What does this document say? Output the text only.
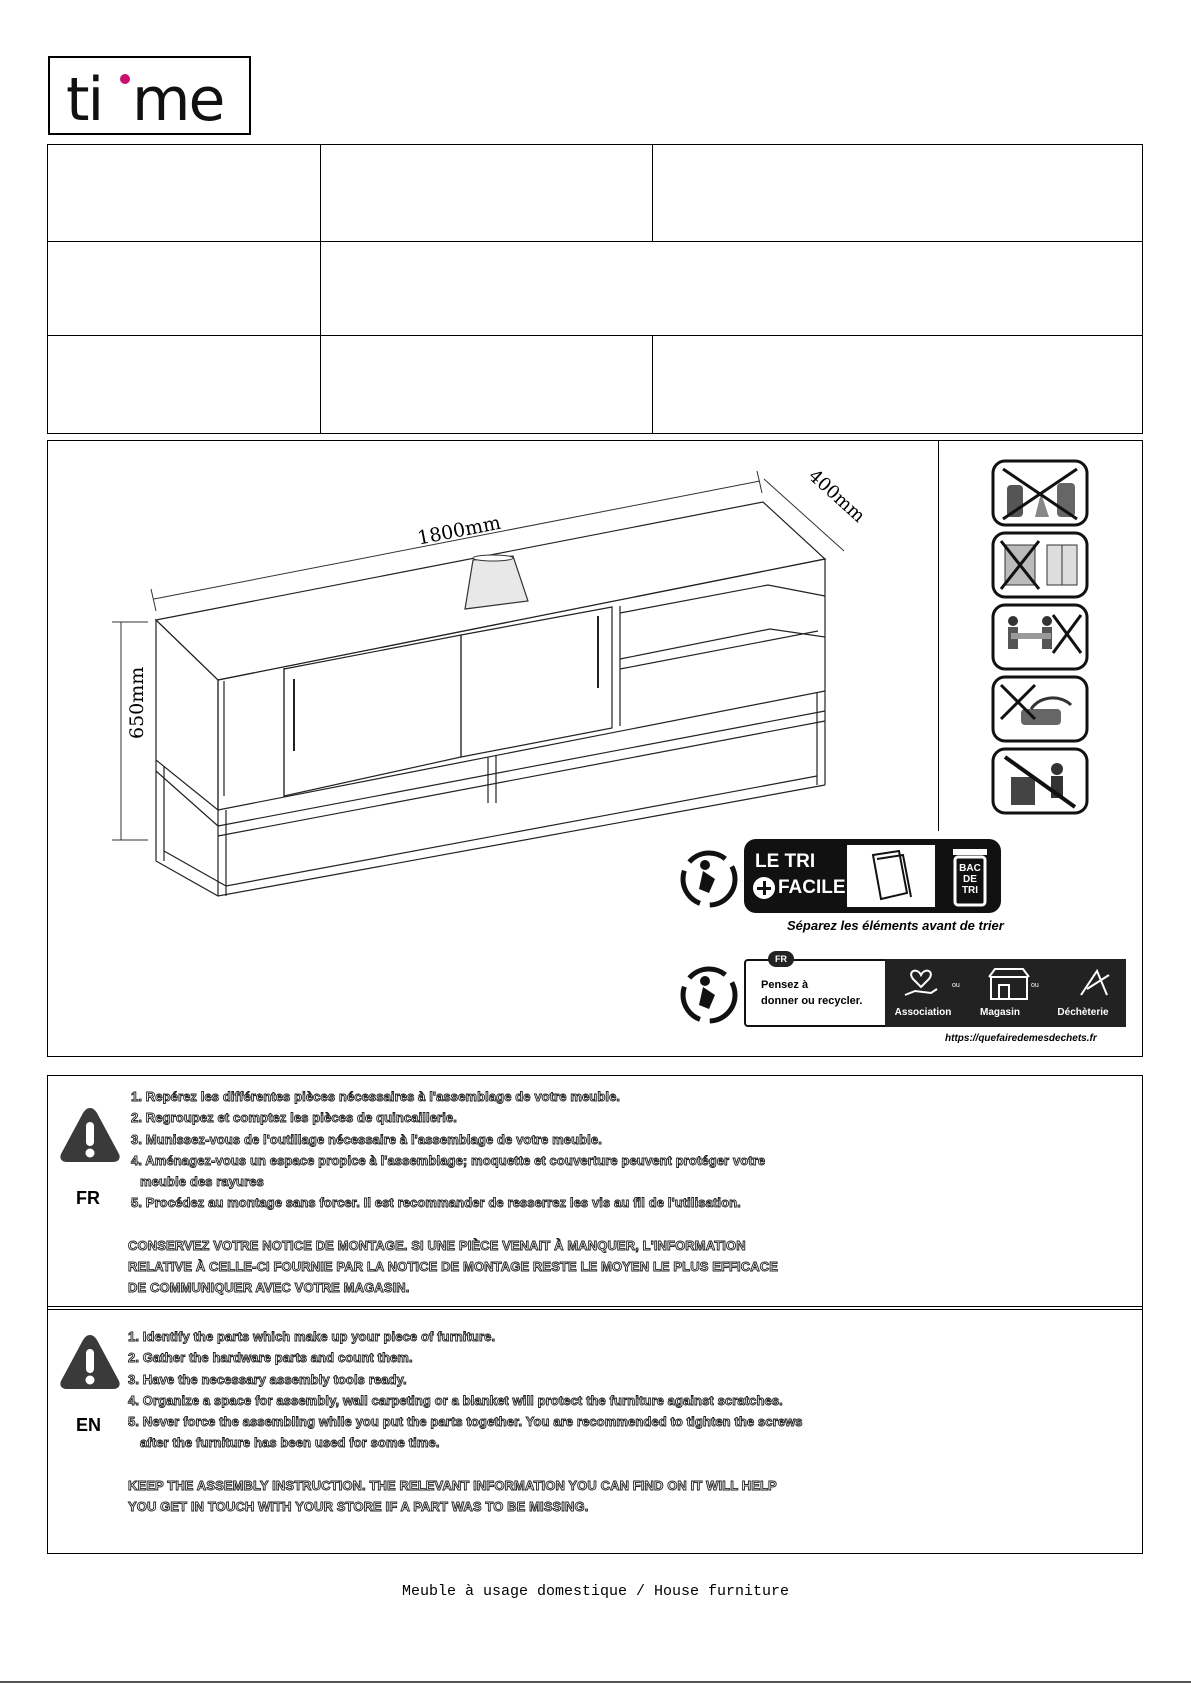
ti me
1800mm
400mm
650mm
LE TRI
FACILE
BAC
DE
TRI
Séparez les éléments avant de trier
FR
Pensez à
donner ou recycler.
ou	ou
Association	Magasin	Déchèterie
https://quefairedemesdechets.fr
FR

1. Repérez les différentes pièces nécessaires à l'assemblage de votre meuble.

2. Regroupez et comptez les pièces de quincaillerie.

3. Munissez-vous de l'outillage nécessaire à l'assemblage de votre meuble.

4. Aménagez-vous un espace propice à l'assemblage; moquette et couverture peuvent protéger votre

meuble des rayures

5. Procédez au montage sans forcer. Il est recommander de resserrez les vis au fil de l'utilisation.

CONSERVEZ VOTRE NOTICE DE MONTAGE. SI UNE PIÈCE VENAIT À MANQUER, L'INFORMATION

RELATIVE À CELLE-CI FOURNIE PAR LA NOTICE DE MONTAGE RESTE LE MOYEN LE PLUS EFFICACE

DE COMMUNIQUER AVEC VOTRE MAGASIN.

EN

1. Identify the parts which make up your piece of furniture.

2. Gather the hardware parts and count them.

3. Have the necessary assembly tools ready.

4. Organize a space for assembly, wall carpeting or a blanket will protect the furniture against scratches.

5. Never force the assembling while you put the parts together. You are recommended to tighten the screws

after the furniture has been used for some time.

KEEP THE ASSEMBLY INSTRUCTION. THE RELEVANT INFORMATION YOU CAN FIND ON IT WILL HELP

YOU GET IN TOUCH WITH YOUR STORE IF A PART WAS TO BE MISSING.

Meuble à usage domestique / House furniture
